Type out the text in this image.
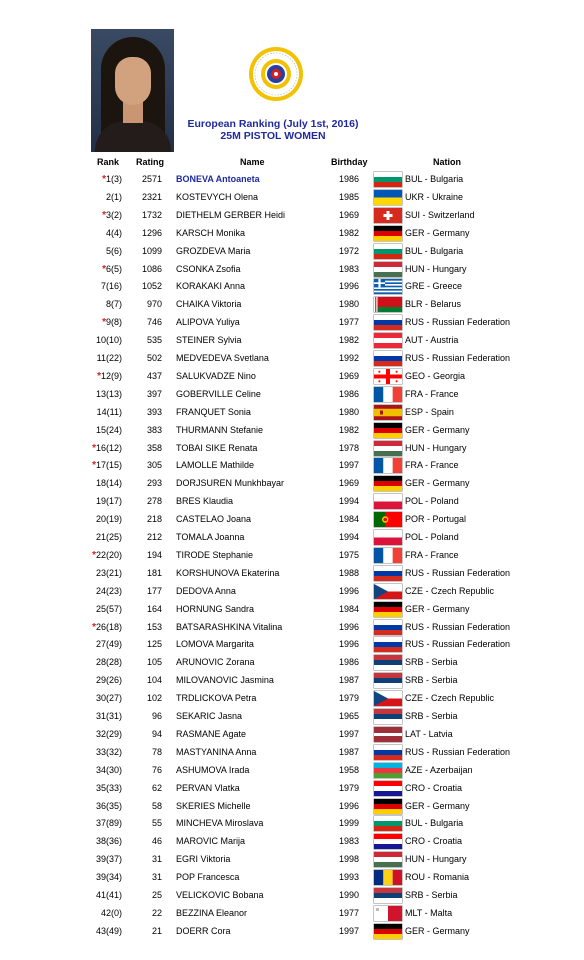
European Ranking (July 1st, 2016)
25M PISTOL WOMEN
Rank Rating	Name	Birthday	Nation
*1(3)	2571 BONEVA Antoaneta	1986	BUL - Bulgaria
2(1)	2321 KOSTEVYCH Olena	1985	UKR - Ukraine
*3(2)	1732 DIETHELM GERBER Heidi	1969	SUI - Switzerland
4(4)	1296 KARSCH Monika	1982	GER - Germany
5(6)	1099 GROZDEVA Maria	1972	BUL - Bulgaria
*6(5)	1086 CSONKA Zsofia	1983	HUN - Hungary
7(16)	1052 KORAKAKI Anna	1996	GRE - Greece
8(7)	970 CHAIKA Viktoria	1980	BLR - Belarus
*9(8)	746 ALIPOVA Yuliya	1977	RUS - Russian Federation
10(10)	535 STEINER Sylvia	1982	AUT - Austria
11(22)	502 MEDVEDEVA Svetlana	1992	RUS - Russian Federation
*12(9)	437 SALUKVADZE Nino	1969	GEO - Georgia
13(13)	397 GOBERVILLE Celine	1986	FRA - France
14(11)	393 FRANQUET Sonia	1980	ESP - Spain
15(24)	383 THURMANN Stefanie	1982	GER - Germany
*16(12)	358 TOBAI SIKE Renata	1978	HUN - Hungary
*17(15)	305 LAMOLLE Mathilde	1997	FRA - France
18(14)	293 DORJSUREN Munkhbayar	1969	GER - Germany
19(17)	278 BRES Klaudia	1994	POL - Poland
20(19)	218 CASTELAO Joana	1984	POR - Portugal
21(25)	212 TOMALA Joanna	1994	POL - Poland
*22(20)	194 TIRODE Stephanie	1975	FRA - France
23(21)	181 KORSHUNOVA Ekaterina	1988	RUS - Russian Federation
24(23)	177 DEDOVA Anna	1996	CZE - Czech Republic
25(57)	164 HORNUNG Sandra	1984	GER - Germany
*26(18)	153 BATSARASHKINA Vitalina	1996	RUS - Russian Federation
27(49)	125 LOMOVA Margarita	1996	RUS - Russian Federation
28(28)	105 ARUNOVIC Zorana	1986	SRB - Serbia
29(26)	104 MILOVANOVIC Jasmina	1987	SRB - Serbia
30(27)	102 TRDLICKOVA Petra	1979	CZE - Czech Republic
31(31)	96 SEKARIC Jasna	1965	SRB - Serbia
32(29)	94 RASMANE Agate	1997	LAT - Latvia
33(32)	78 MASTYANINA Anna	1987	RUS - Russian Federation
34(30)	76 ASHUMOVA Irada	1958	AZE - Azerbaijan
35(33)	62 PERVAN Vlatka	1979	CRO - Croatia
36(35)	58 SKERIES Michelle	1996	GER - Germany
37(89)	55 MINCHEVA Miroslava	1999	BUL - Bulgaria
38(36)	46 MAROVIC Marija	1983	CRO - Croatia
39(37)	31 EGRI Viktoria	1998	HUN - Hungary
39(34)	31 POP Francesca	1993	ROU - Romania
41(41)	25 VELICKOVIC Bobana	1990	SRB - Serbia
42(0)	22 BEZZINA Eleanor	1977	MLT - Malta
43(49)	21 DOERR Cora	1997	GER - Germany
